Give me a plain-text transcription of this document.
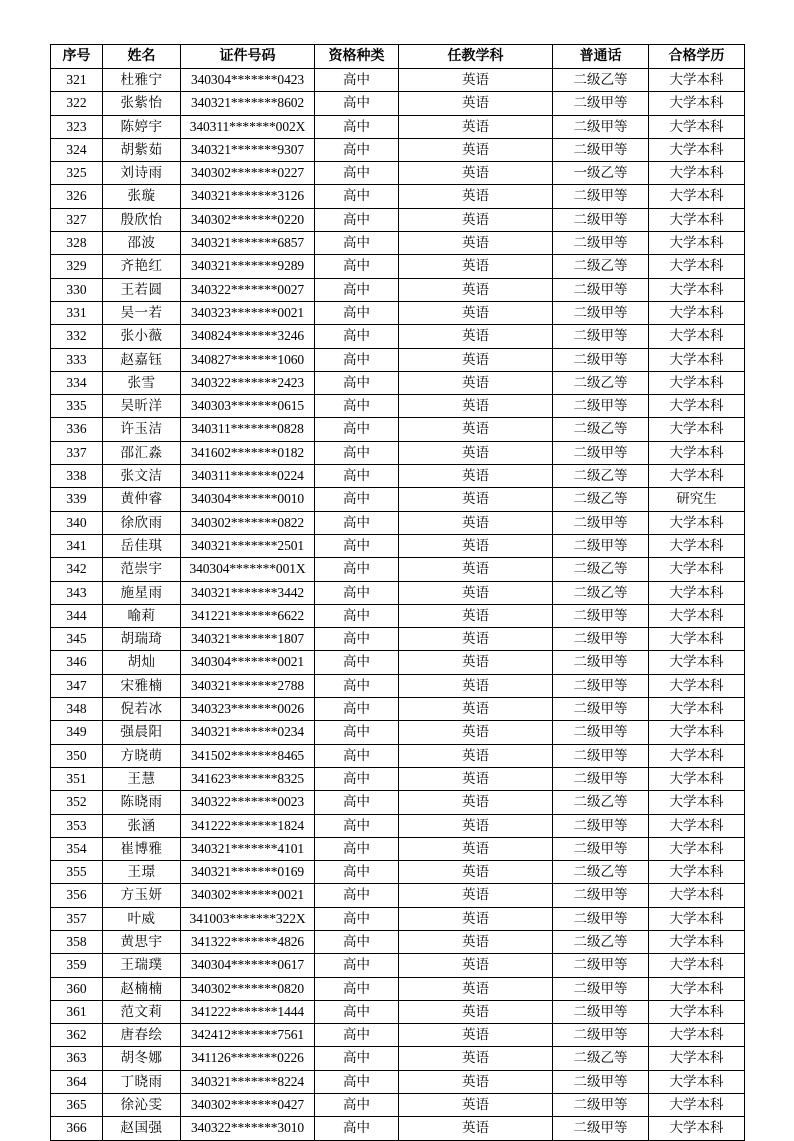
序号	姓名	证件号码	资格种类	任教学科	普通话	合格学历
321	杜雅宁	340304*******0423	高中	英语	二级乙等	大学本科
322	张紫怡	340321*******8602	高中	英语	二级甲等	大学本科
323	陈婷宇	340311*******002X	高中	英语	二级甲等	大学本科
324	胡紫茹	340321*******9307	高中	英语	二级甲等	大学本科
325	刘诗雨	340302*******0227	高中	英语	一级乙等	大学本科
326	张璇	340321*******3126	高中	英语	二级甲等	大学本科
327	殷欣怡	340302*******0220	高中	英语	二级甲等	大学本科
328	邵波	340321*******6857	高中	英语	二级甲等	大学本科
329	齐艳红	340321*******9289	高中	英语	二级乙等	大学本科
330	王若圆	340322*******0027	高中	英语	二级甲等	大学本科
331	吴一若	340323*******0021	高中	英语	二级甲等	大学本科
332	张小薇	340824*******3246	高中	英语	二级甲等	大学本科
333	赵嘉钰	340827*******1060	高中	英语	二级甲等	大学本科
334	张雪	340322*******2423	高中	英语	二级乙等	大学本科
335	吴昕洋	340303*******0615	高中	英语	二级甲等	大学本科
336	许玉洁	340311*******0828	高中	英语	二级乙等	大学本科
337	邵汇淼	341602*******0182	高中	英语	二级甲等	大学本科
338	张文洁	340311*******0224	高中	英语	二级乙等	大学本科
339	黄仲睿	340304*******0010	高中	英语	二级乙等	研究生
340	徐欣雨	340302*******0822	高中	英语	二级甲等	大学本科
341	岳佳琪	340321*******2501	高中	英语	二级甲等	大学本科
342	范崇宇	340304*******001X	高中	英语	二级乙等	大学本科
343	施星雨	340321*******3442	高中	英语	二级乙等	大学本科
344	喻莉	341221*******6622	高中	英语	二级甲等	大学本科
345	胡瑞琦	340321*******1807	高中	英语	二级甲等	大学本科
346	胡灿	340304*******0021	高中	英语	二级甲等	大学本科
347	宋雅楠	340321*******2788	高中	英语	二级甲等	大学本科
348	倪若冰	340323*******0026	高中	英语	二级甲等	大学本科
349	强晨阳	340321*******0234	高中	英语	二级甲等	大学本科
350	方晓萌	341502*******8465	高中	英语	二级甲等	大学本科
351	王慧	341623*******8325	高中	英语	二级甲等	大学本科
352	陈晓雨	340322*******0023	高中	英语	二级乙等	大学本科
353	张涵	341222*******1824	高中	英语	二级甲等	大学本科
354	崔博雅	340321*******4101	高中	英语	二级甲等	大学本科
355	王璟	340321*******0169	高中	英语	二级乙等	大学本科
356	方玉妍	340302*******0021	高中	英语	二级甲等	大学本科
357	叶威	341003*******322X	高中	英语	二级甲等	大学本科
358	黄思宇	341322*******4826	高中	英语	二级乙等	大学本科
359	王瑞璞	340304*******0617	高中	英语	二级甲等	大学本科
360	赵楠楠	340302*******0820	高中	英语	二级甲等	大学本科
361	范文莉	341222*******1444	高中	英语	二级甲等	大学本科
362	唐春绘	342412*******7561	高中	英语	二级甲等	大学本科
363	胡冬娜	341126*******0226	高中	英语	二级乙等	大学本科
364	丁晓雨	340321*******8224	高中	英语	二级甲等	大学本科
365	徐沁雯	340302*******0427	高中	英语	二级甲等	大学本科
366	赵国强	340322*******3010	高中	英语	二级甲等	大学本科
